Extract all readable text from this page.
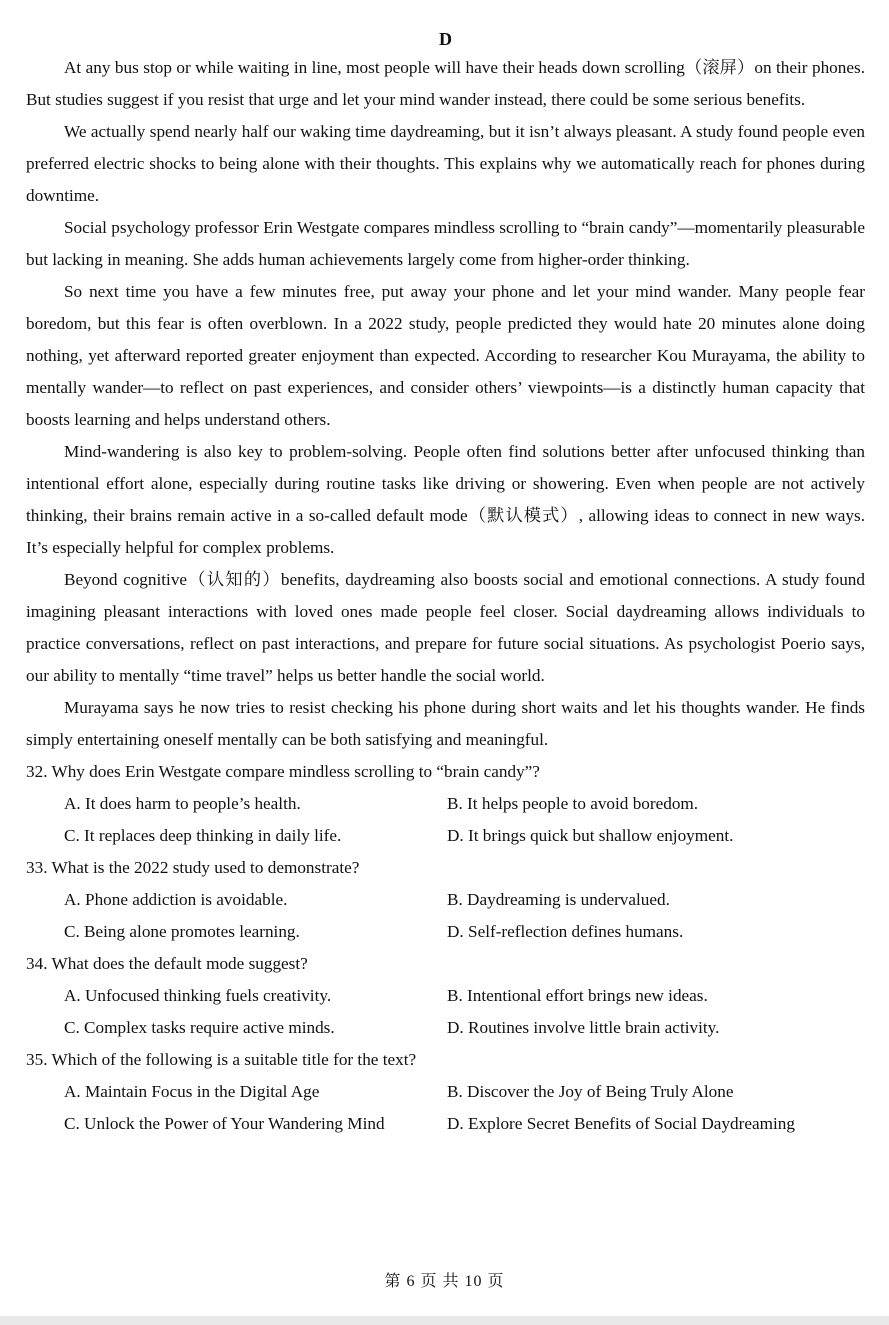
D

At any bus stop or while waiting in line, most people will have their heads down scrolling（滚屏）on their phones. But studies suggest if you resist that urge and let your mind wander instead, there could be some serious benefits.

We actually spend nearly half our waking time daydreaming, but it isn’t always pleasant. A study found people even preferred electric shocks to being alone with their thoughts. This explains why we automatically reach for phones during downtime.

Social psychology professor Erin Westgate compares mindless scrolling to “brain candy”—momentarily pleasurable but lacking in meaning. She adds human achievements largely come from higher-order thinking.

So next time you have a few minutes free, put away your phone and let your mind wander. Many people fear boredom, but this fear is often overblown. In a 2022 study, people predicted they would hate 20 minutes alone doing nothing, yet afterward reported greater enjoyment than expected. According to researcher Kou Murayama, the ability to mentally wander—to reflect on past experiences, and consider others’ viewpoints—is a distinctly human capacity that boosts learning and helps understand others.

Mind-wandering is also key to problem-solving. People often find solutions better after unfocused thinking than intentional effort alone, especially during routine tasks like driving or showering. Even when people are not actively thinking, their brains remain active in a so-called default mode（默认模式）, allowing ideas to connect in new ways. It’s especially helpful for complex problems.

Beyond cognitive（认知的）benefits, daydreaming also boosts social and emotional connections. A study found imagining pleasant interactions with loved ones made people feel closer. Social daydreaming allows individuals to practice conversations, reflect on past interactions, and prepare for future social situations. As psychologist Poerio says, our ability to mentally “time travel” helps us better handle the social world.

Murayama says he now tries to resist checking his phone during short waits and let his thoughts wander. He finds simply entertaining oneself mentally can be both satisfying and meaningful.

32. Why does Erin Westgate compare mindless scrolling to “brain candy”?

A. It does harm to people’s health.	B. It helps people to avoid boredom.
C. It replaces deep thinking in daily life.	D. It brings quick but shallow enjoyment.

33. What is the 2022 study used to demonstrate?

A. Phone addiction is avoidable.	B. Daydreaming is undervalued.
C. Being alone promotes learning.	D. Self-reflection defines humans.

34. What does the default mode suggest?

A. Unfocused thinking fuels creativity.	B. Intentional effort brings new ideas.
C. Complex tasks require active minds.	D. Routines involve little brain activity.

35. Which of the following is a suitable title for the text?

A. Maintain Focus in the Digital Age	B. Discover the Joy of Being Truly Alone
C. Unlock the Power of Your Wandering Mind	D. Explore Secret Benefits of Social Daydreaming
第 6 页 共 10 页
